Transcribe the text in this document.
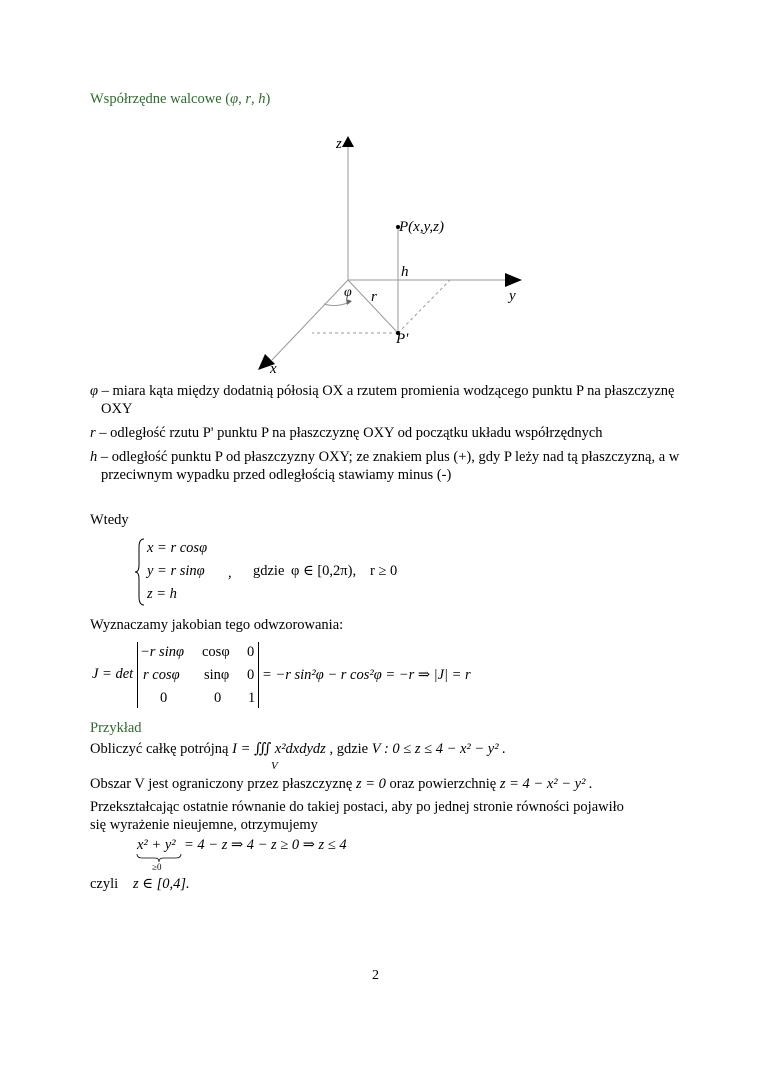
Współrzędne walcowe (φ, r, h)
z
y
x
P(x,y,z)
P'
h
r
φ

φ – miara kąta między dodatnią półosią OX a rzutem promienia wodzącego punktu P na płaszczyznę OXY

r – odległość rzutu P' punktu P na płaszczyznę OXY od początku układu współrzędnych

h – odległość punktu P od płaszczyzny OXY; ze znakiem plus (+), gdy P leży nad tą płaszczyzną, a w przeciwnym wypadku przed odległością stawiamy minus (-)

Wtedy
x = r cosφ
y = r sinφ
z = h
, gdzie φ ∈ [0,2π), r ≥ 0
Wyznaczamy jakobian tego odwzorowania:
J = det
−r sinφ cosφ 0
r cosφ sinφ 0
0	0 1
= −r sin²φ − r cos²φ = −r ⇒ |J| = r
Przykład
Obliczyć całkę potrójną I = ∭ x²dxdydz , gdzie V : 0 ≤ z ≤ 4 − x² − y² .
V
Obszar V jest ograniczony przez płaszczyznę z = 0 oraz powierzchnię z = 4 − x² − y² .
Przekształcając ostatnie równanie do takiej postaci, aby po jednej stronie równości pojawiło
się wyrażenie nieujemne, otrzymujemy
x² + y² = 4 − z ⇒ 4 − z ≥ 0 ⇒ z ≤ 4
≥0
czyli z ∈ [0,4].
2
